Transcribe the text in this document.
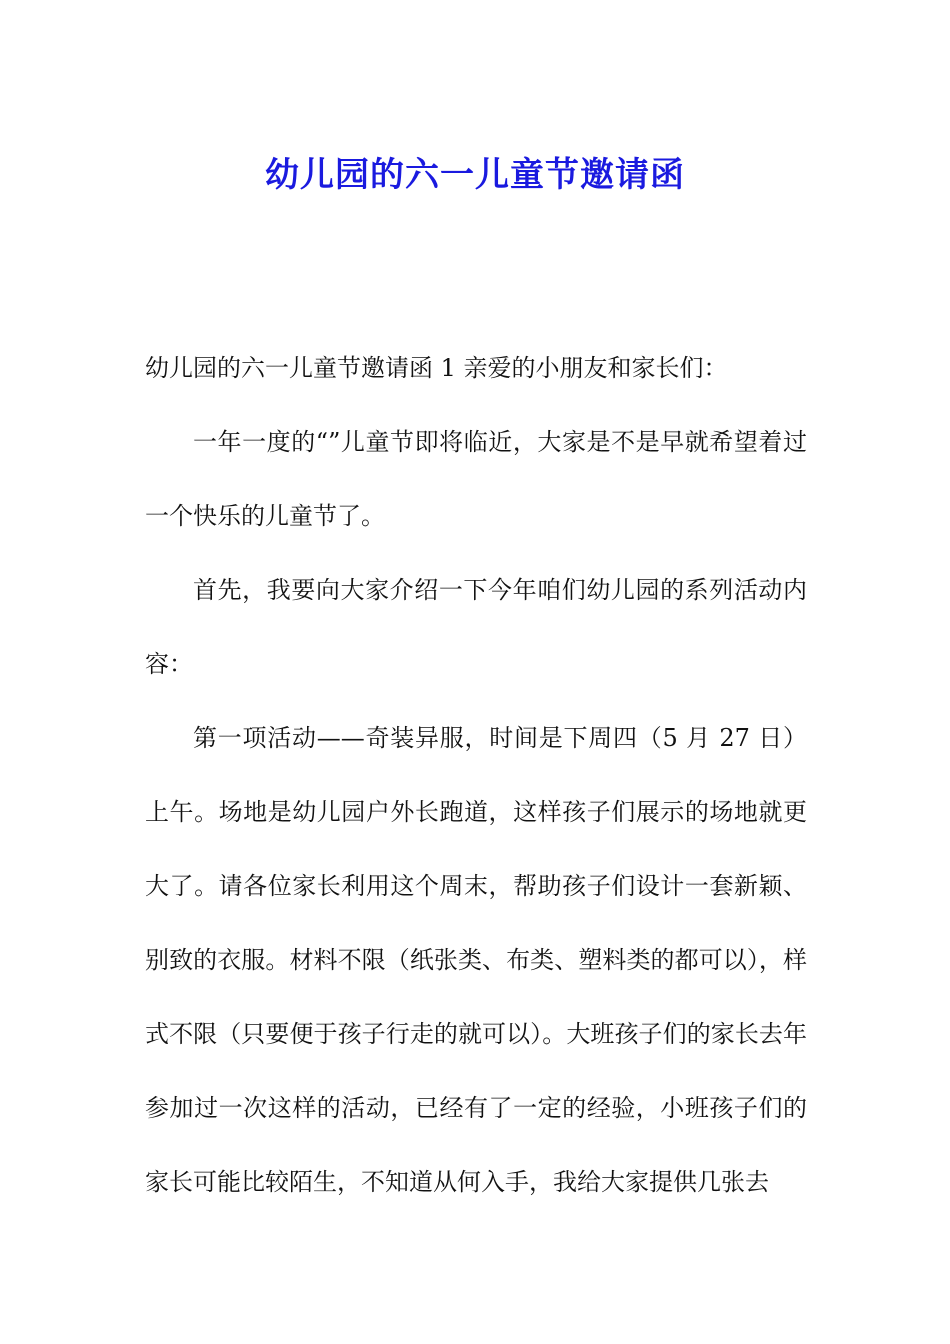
幼儿园的六一儿童节邀请函

幼儿园的六一儿童节邀请函 1 亲爱的小朋友和家长们：

一年一度的“”儿童节即将临近，大家是不是早就希望着过一个快乐的儿童节了。

首先，我要向大家介绍一下今年咱们幼儿园的系列活动内容：

第一项活动——奇装异服，时间是下周四（5 月 27 日）上午。场地是幼儿园户外长跑道，这样孩子们展示的场地就更大了。请各位家长利用这个周末，帮助孩子们设计一套新颖、别致的衣服。材料不限（纸张类、布类、塑料类的都可以），样式不限（只要便于孩子行走的就可以）。大班孩子们的家长去年参加过一次这样的活动，已经有了一定的经验，小班孩子们的家长可能比较陌生，不知道从何入手，我给大家提供几张去
